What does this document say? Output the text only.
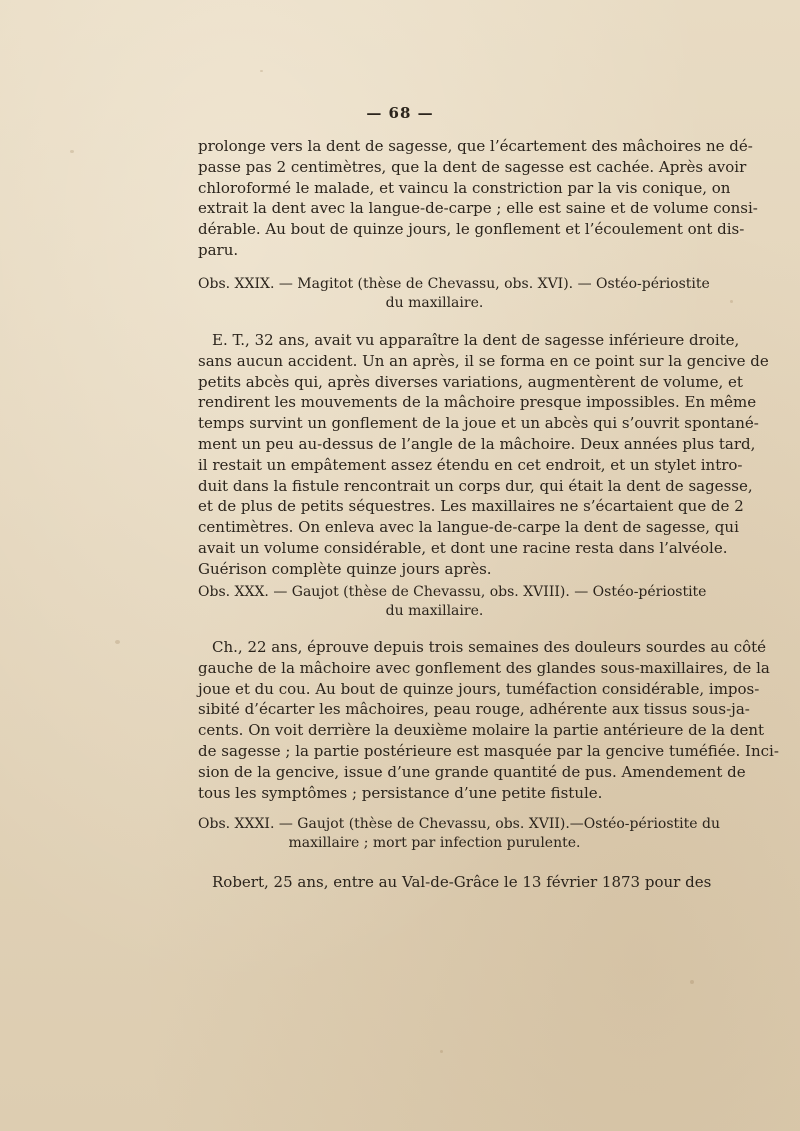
— 68 —

prolonge vers la dent de sagesse, que l’écartement des mâchoires ne dé-
passe pas 2 centimètres, que la dent de sagesse est cachée. Après avoir
chloroformé le malade, et vaincu la constriction par la vis conique, on
extrait la dent avec la langue-de-carpe ; elle est saine et de volume consi-
dérable. Au bout de quinze jours, le gonflement et l’écoulement ont dis-
paru.

Obs. XXIX. — Magitot (thèse de Chevassu, obs. XVI). — Ostéo-périostite
du maxillaire.

E. T., 32 ans, avait vu apparaître la dent de sagesse inférieure droite,
sans aucun accident. Un an après, il se forma en ce point sur la gencive de
petits abcès qui, après diverses variations, augmentèrent de volume, et
rendirent les mouvements de la mâchoire presque impossibles. En même
temps survint un gonflement de la joue et un abcès qui s’ouvrit spontané-
ment un peu au-dessus de l’angle de la mâchoire. Deux années plus tard,
il restait un empâtement assez étendu en cet endroit, et un stylet intro-
duit dans la fistule rencontrait un corps dur, qui était la dent de sagesse,
et de plus de petits séquestres. Les maxillaires ne s’écartaient que de 2
centimètres. On enleva avec la langue-de-carpe la dent de sagesse, qui
avait un volume considérable, et dont une racine resta dans l’alvéole.
Guérison complète quinze jours après.

Obs. XXX. — Gaujot (thèse de Chevassu, obs. XVIII). — Ostéo-périostite
du maxillaire.

Ch., 22 ans, éprouve depuis trois semaines des douleurs sourdes au côté
gauche de la mâchoire avec gonflement des glandes sous-maxillaires, de la
joue et du cou. Au bout de quinze jours, tuméfaction considérable, impos-
sibité d’écarter les mâchoires, peau rouge, adhérente aux tissus sous-ja-
cents. On voit derrière la deuxième molaire la partie antérieure de la dent
de sagesse ; la partie postérieure est masquée par la gencive tuméfiée. Inci-
sion de la gencive, issue d’une grande quantité de pus. Amendement de
tous les symptômes ; persistance d’une petite fistule.

Obs. XXXI. — Gaujot (thèse de Chevassu, obs. XVII).—Ostéo-périostite du
maxillaire ; mort par infection purulente.

Robert, 25 ans, entre au Val-de-Grâce le 13 février 1873 pour des
